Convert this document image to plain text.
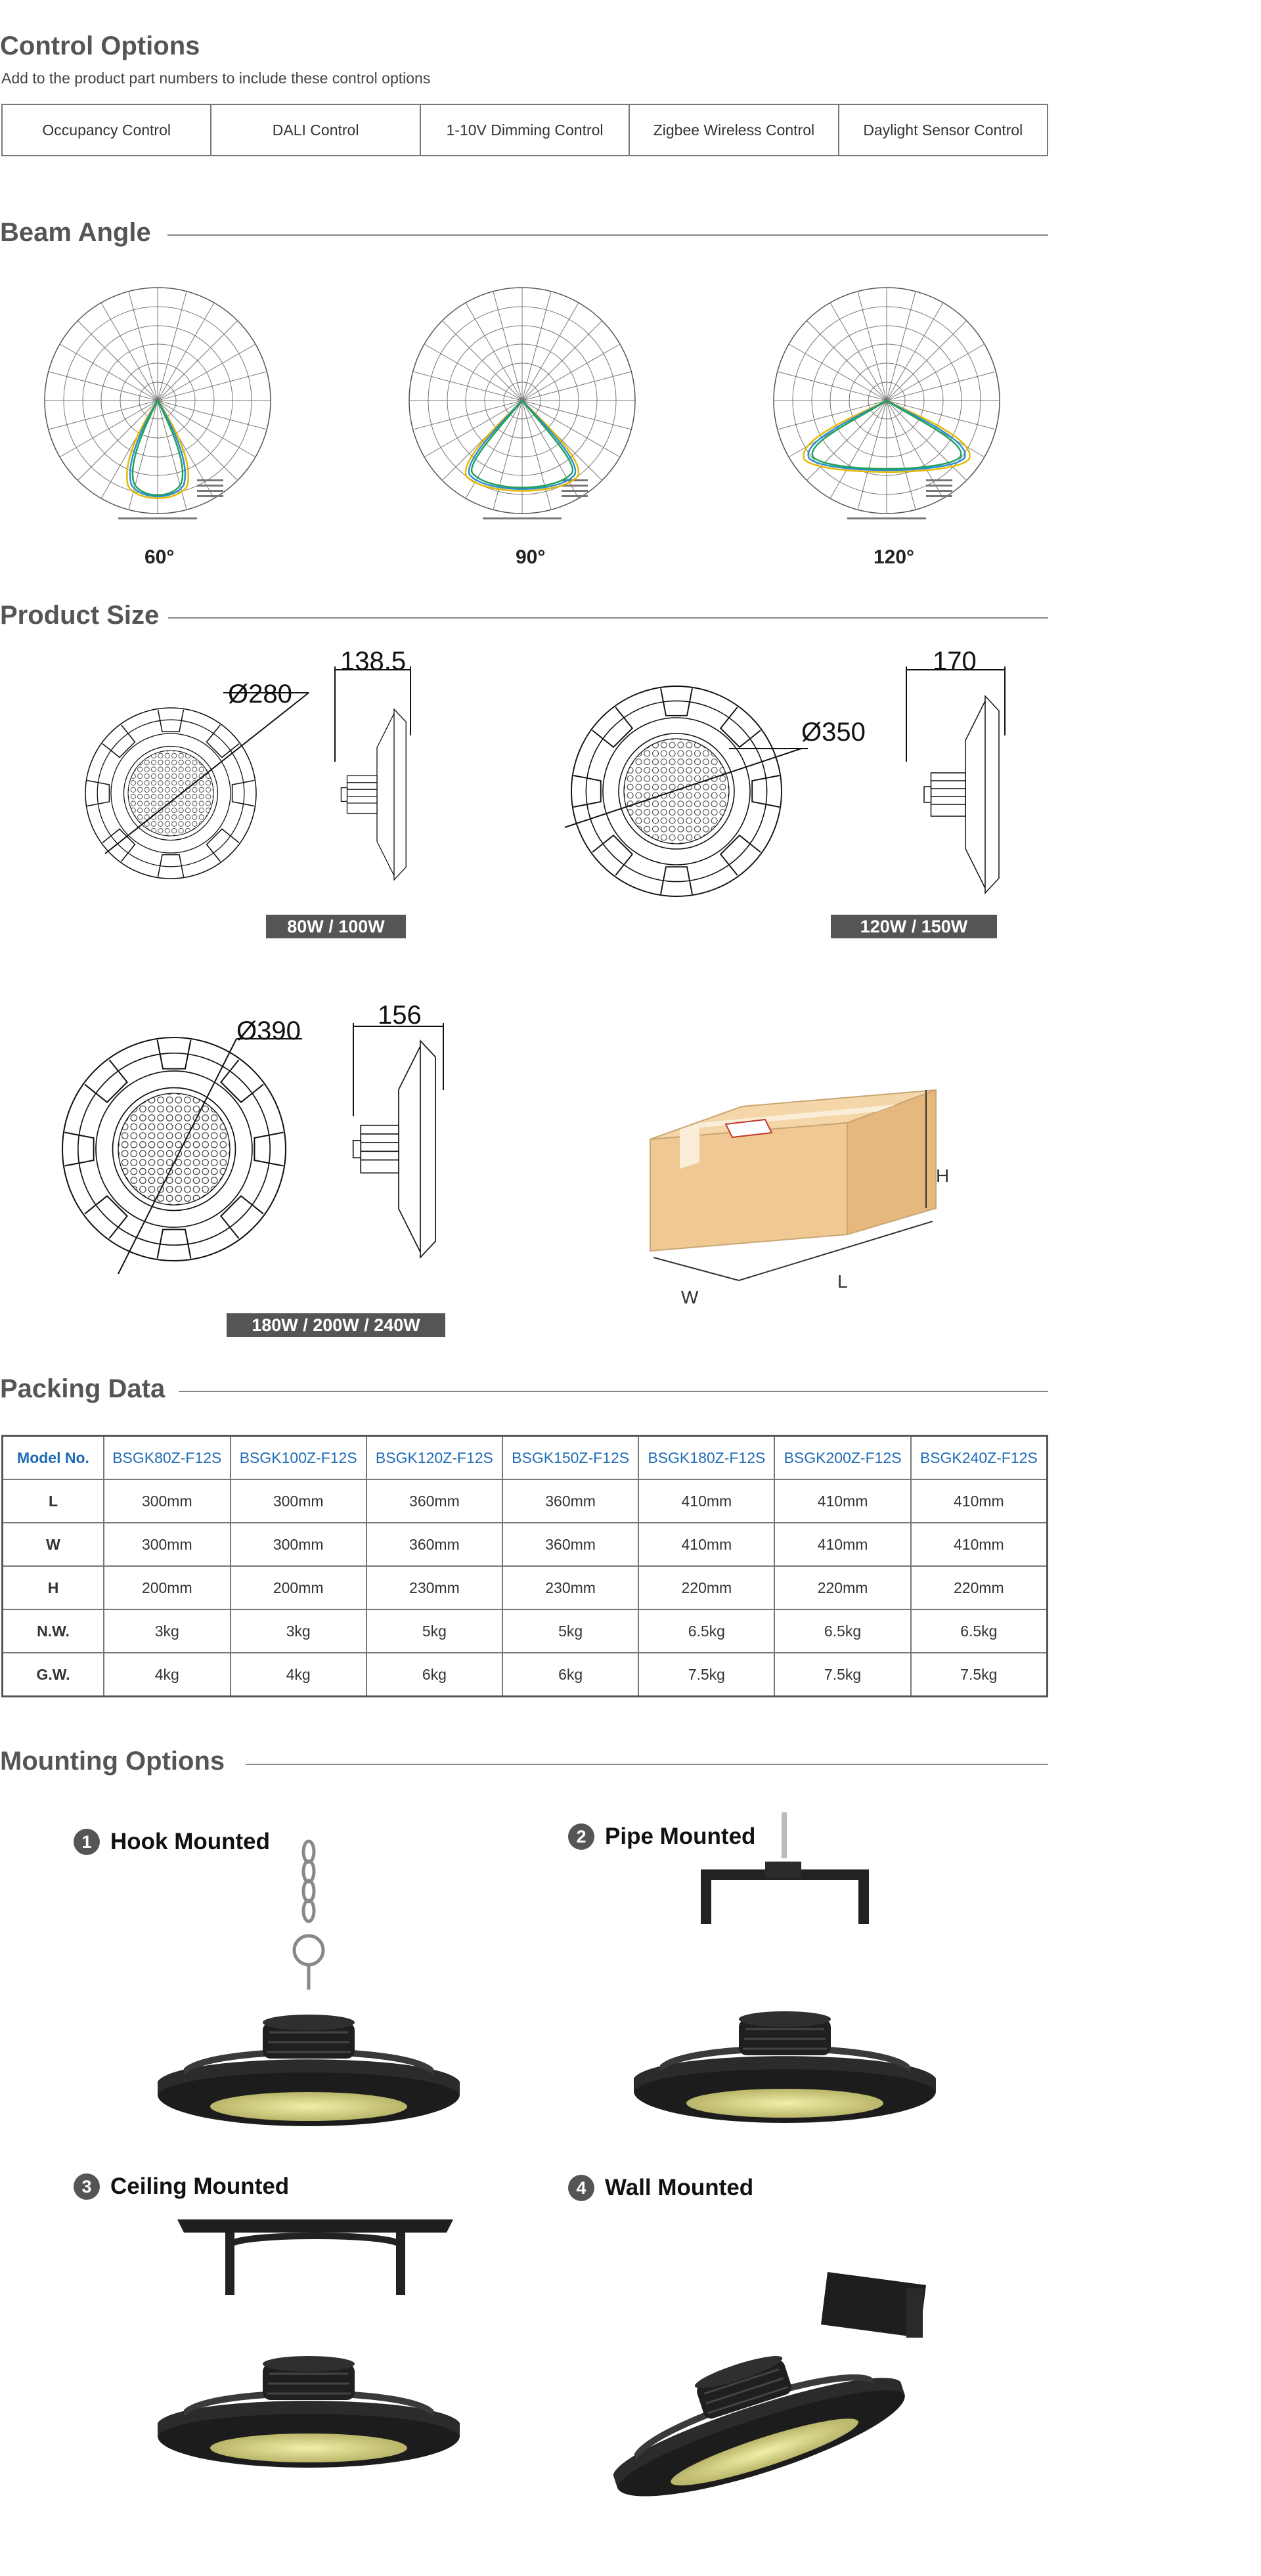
Control Options
Add to the product part numbers to include these control options
Occupancy Control	DALI Control	1-10V Dimming Control	Zigbee Wireless Control	Daylight Sensor Control
Beam Angle
60°	90°	120°
Product Size
Ø280
138.5
Ø350
170
Ø390
156
80W / 100W	120W / 150W
180W / 200W / 240W
H
W
L
Packing Data
Model No.	BSGK80Z-F12S	BSGK100Z-F12S	BSGK120Z-F12S	BSGK150Z-F12S	BSGK180Z-F12S	BSGK200Z-F12S	BSGK240Z-F12S
L	300mm	300mm	360mm	360mm	410mm	410mm	410mm
W	300mm	300mm	360mm	360mm	410mm	410mm	410mm
H	200mm	200mm	230mm	230mm	220mm	220mm	220mm
N.W.	3kg	3kg	5kg	5kg	6.5kg	6.5kg	6.5kg
G.W.	4kg	4kg	6kg	6kg	7.5kg	7.5kg	7.5kg
Mounting Options
1 Hook Mounted	2 Pipe Mounted
3 Ceiling Mounted	4 Wall Mounted
